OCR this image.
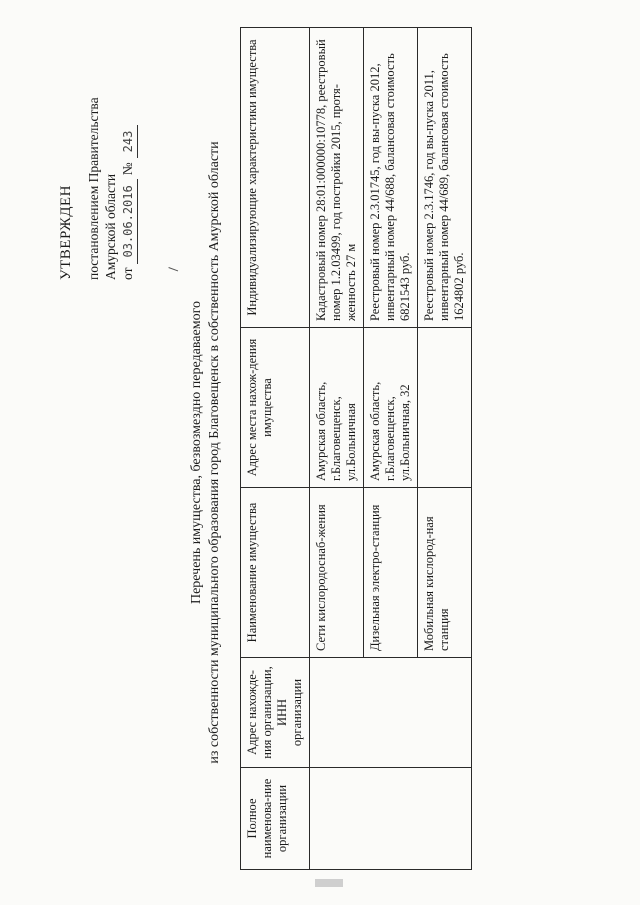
УТВЕРЖДЕН постановлением Правительства Амурской области от
03.06.2016
№
243
Перечень имущества, безвозмездно передаваемого из собственности муниципального образования город Благовещенск в собственность Амурской области
Полное наименова-ние организации	Адрес нахожде-ния организации, ИНН организации	Наименование имущества	Адрес места нахож-дения имущества	Индивидуализирующие характеристики имущества
		Сети кислородоснаб-жения	Амурская область, г.Благовещенск, ул.Больничная	Кадастровый номер 28:01:000000:10778, реестровый номер 1.2.03499, год постройки 2015, протя-женность 27 м
		Дизельная электро-станция	Амурская область, г.Благовещенск, ул.Больничная, 32	Реестровый номер 2.3.01745, год вы-пуска 2012, инвентарный номер 44/688, балансовая стоимость 6821543 руб.
		Мобильная кислород-ная станция		Реестровый номер 2.3.1746, год вы-пуска 2011, инвентарный номер 44/689, балансовая стоимость 1624802 руб.
